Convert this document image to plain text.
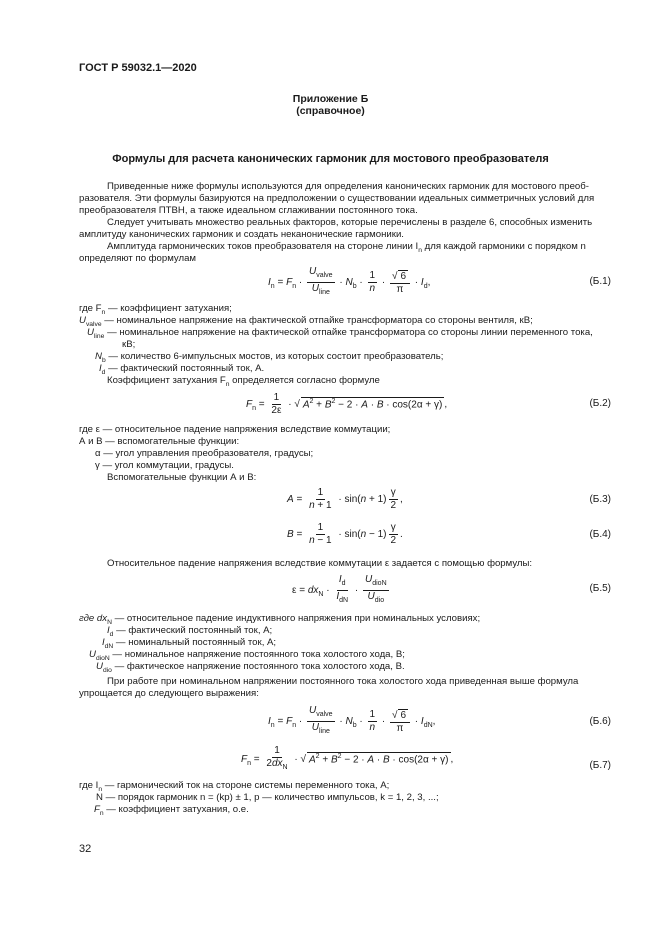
ГОСТ Р 59032.1—2020
Приложение Б
(справочное)
Формулы для расчета канонических гармоник для мостового преобразователя
Приведенные ниже формулы используются для определения канонических гармоник для мостового преоб-
разователя. Эти формулы базируются на предположении о существовании идеальных симметричных условий для
преобразователя ПТВН, а также идеальном сглаживании постоянного тока.
Следует учитывать множество реальных факторов, которые перечислены в разделе 6, способных изменить
амплитуду канонических гармоник и создать неканонические гармоники.
Амплитуда гармонических токов преобразователя на стороне линии $I_n$ для каждой гармоники с порядком n
определяют по формулам
$I_n = F_n \cdot \frac{U_{valve}}{U_{line}} \cdot N_b \cdot \frac{1}{n} \cdot \frac{√ 6}{\pi} \cdot I_d$,	(Б.1)
где $F_n$ — коэффициент затухания;
$U_{valve}$ — номинальное напряжение на фактической отпайке трансформатора со стороны вентиля, кВ;
$U_{line}$ — номинальное напряжение на фактической отпайке трансформатора со стороны линии переменного тока,
кВ;
$N_b$ — количество 6-импульсных мостов, из которых состоит преобразователь;
$I_d$ — фактический постоянный ток, А.
Коэффициент затухания $F_n$ определяется согласно формуле
$F_n = \frac{1}{2\varepsilon}$ · √ $A^2 + B^2 - 2 \cdot A \cdot B \cdot \cos(2\alpha + \gamma)$ ,	(Б.2)
где ε — относительное падение напряжения вследствие коммутации;
А и В — вспомогательные функции:
α — угол управления преобразователя, градусы;
γ — угол коммутации, градусы.
Вспомогательные функции А и В:
$A = \frac{1}{n + 1} \cdot \sin(n + 1) \frac{\gamma}{2}$ ,	(Б.3)
$B = \frac{1}{n - 1} \cdot \sin(n - 1) \frac{\gamma}{2}$ .	(Б.4)
Относительное падение напряжения вследствие коммутации ε задается с помощью формулы:
$\varepsilon = dx_N \cdot \frac{I_d}{I_{dN}} \cdot \frac{U_{dioN}}{U_{dio}}$	(Б.5)
где $dx_N$ — относительное падение индуктивного напряжения при номинальных условиях;
$I_d$ — фактический постоянный ток, А;
$I_{dN}$ — номинальный постоянный ток, А;
$U_{dioN}$ — номинальное напряжение постоянного тока холостого хода, В;
$U_{dio}$ — фактическое напряжение постоянного тока холостого хода, В.
При работе при номинальном напряжении постоянного тока холостого хода приведенная выше формула
упрощается до следующего выражения:
$I_n = F_n \cdot \frac{U_{valve}}{U_{line}} \cdot N_b \cdot \frac{1}{n} \cdot \frac{√ 6}{\pi} \cdot I_{dN}$,	(Б.6)
$F_n = \frac{1}{2dx_N}$ · √ $A^2 + B^2 - 2 \cdot A \cdot B \cdot \cos(2\alpha + \gamma)$ ,
(Б.7)
где $I_n$ — гармонический ток на стороне системы переменного тока, А;
N — порядок гармоник n = (kp) ± 1, p — количество импульсов, k = 1, 2, 3, ...;
$F_n$ — коэффициент затухания, о.е.
32
